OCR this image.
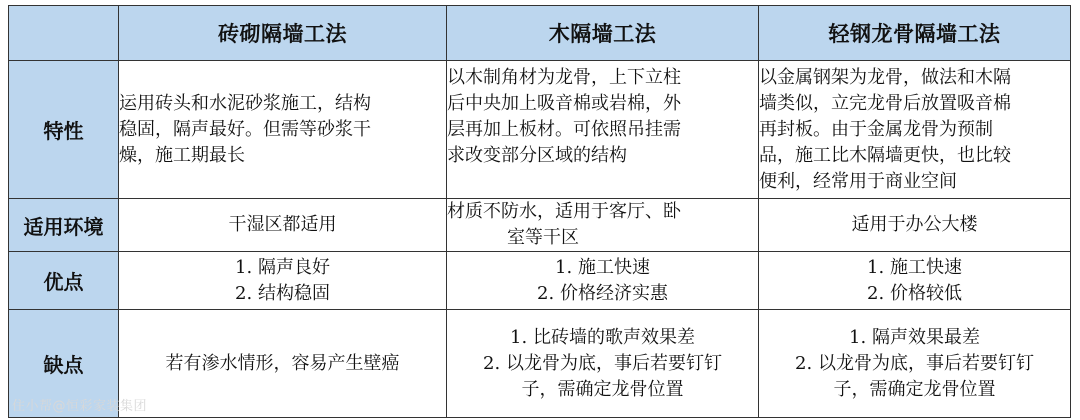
	砖砌隔墙工法	木隔墙工法	轻钢龙骨隔墙工法
特性	运用砖头和水泥砂浆施工，结构
稳固，隔声最好。但需等砂浆干
燥，施工期最长	以木制角材为龙骨，上下立柱
后中央加上吸音棉或岩棉，外
层再加上板材。可依照吊挂需
求改变部分区域的结构	以金属钢架为龙骨，做法和木隔
墙类似，立完龙骨后放置吸音棉
再封板。由于金属龙骨为预制
品，施工比木隔墙更快，也比较
便利，经常用于商业空间

适用环境	干湿区都适用	材质不防水，适用于客厅、卧
室等干区	适用于办公大楼

优点	1. 隔声良好
2. 结构稳固	1. 施工快速
2. 价格经济实惠	1. 施工快速
2. 价格较低

缺点	若有渗水情形，容易产生壁癌	1. 比砖墙的歌声效果差
2. 以龙骨为底，事后若要钉钉
子，需确定龙骨位置	1. 隔声效果最差
2. 以龙骨为底，事后若要钉钉
子，需确定龙骨位置
住小帮@恒彩家装集团
